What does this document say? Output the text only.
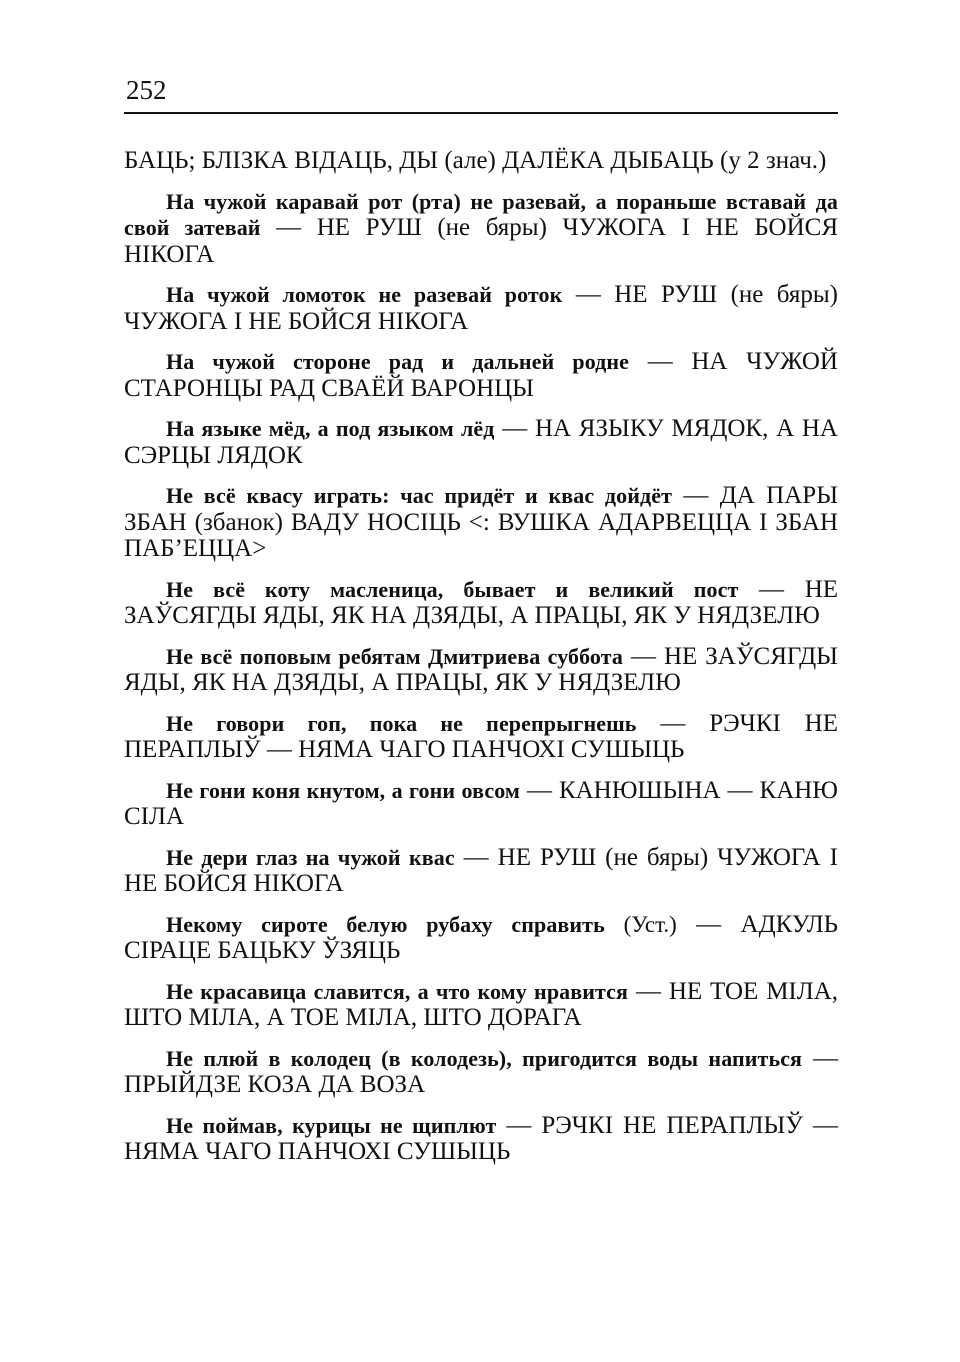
252

БАЦЬ; БЛІЗКА ВІДАЦЬ, ДЫ (але) ДАЛЁКА ДЫБАЦЬ (у 2 знач.)

На чужой каравай рот (рта) не разевай, а пораньше вставай да свой затевай — НЕ РУШ (не бяры) ЧУЖОГА І НЕ БОЙСЯ НІКОГА

На чужой ломоток не разевай роток — НЕ РУШ (не бяры) ЧУЖОГА І НЕ БОЙСЯ НІКОГА

На чужой стороне рад и дальней родне — НА ЧУЖОЙ СТАРОНЦЫ РАД СВАЁЙ ВАРОНЦЫ

На языке мёд, а под языком лёд — НА ЯЗЫКУ МЯДОК, А НА СЭРЦЫ ЛЯДОК

Не всё квасу играть: час придёт и квас дойдёт — ДА ПАРЫ ЗБАН (збанок) ВАДУ НОСІЦЬ <: ВУШКА АДАРВЕЦЦА І ЗБАН ПАБ’ЕЦЦА>

Не всё коту масленица, бывает и великий пост — НЕ ЗАЎСЯГДЫ ЯДЫ, ЯК НА ДЗЯДЫ, А ПРАЦЫ, ЯК У НЯДЗЕЛЮ

Не всё поповым ребятам Дмитриева суббота — НЕ ЗАЎСЯГДЫ ЯДЫ, ЯК НА ДЗЯДЫ, А ПРАЦЫ, ЯК У НЯДЗЕЛЮ

Не говори гоп, пока не перепрыгнешь — РЭЧКІ НЕ ПЕРАПЛЫЎ — НЯМА ЧАГО ПАНЧОХІ СУШЫЦЬ

Не гони коня кнутом, а гони овсом — КАНЮШЫНА — КАНЮ СІЛА

Не дери глаз на чужой квас — НЕ РУШ (не бяры) ЧУЖОГА І НЕ БОЙСЯ НІКОГА

Некому сироте белую рубаху справить (Уст.) — АДКУЛЬ СІРАЦЕ БАЦЬКУ ЎЗЯЦЬ

Не красавица славится, а что кому нравится — НЕ ТОЕ МІЛА, ШТО МІЛА, А ТОЕ МІЛА, ШТО ДОРАГА

Не плюй в колодец (в колодезь), пригодится воды напиться — ПРЫЙДЗЕ КОЗА ДА ВОЗА

Не поймав, курицы не щиплют — РЭЧКІ НЕ ПЕРАПЛЫЎ — НЯМА ЧАГО ПАНЧОХІ СУШЫЦЬ
